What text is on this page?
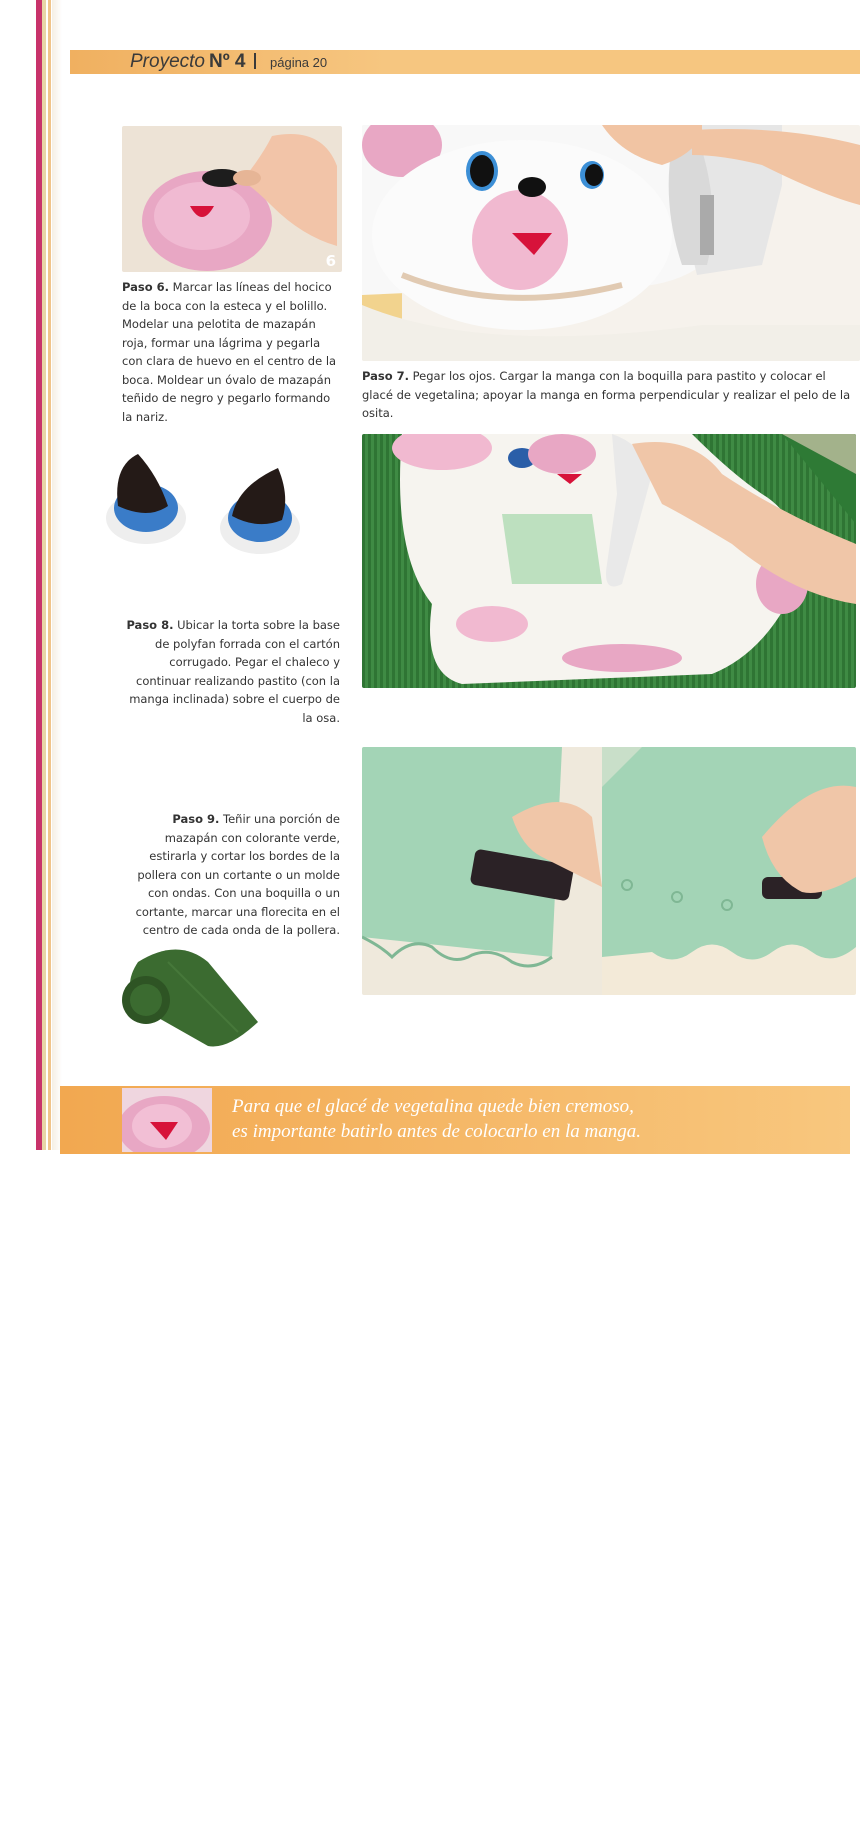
Proyecto Nº 4 página 20
6
Paso 6. Marcar las líneas del hocico de la boca con la esteca y el bolillo. Modelar una pelotita de mazapán roja, formar una lágrima y pegarla con clara de huevo en el centro de la boca. Moldear un óvalo de mazapán teñido de negro y pegarlo formando la nariz.
Paso 7. Pegar los ojos. Cargar la manga con la boquilla para pastito y colocar el glacé de vegetalina; apoyar la manga en forma perpendicular y realizar el pelo de la osita.
Paso 8. Ubicar la torta sobre la base de polyfan forrada con el cartón corrugado. Pegar el chaleco y continuar realizando pastito (con la manga inclinada) sobre el cuerpo de la osa.
Paso 9. Teñir una porción de mazapán con colorante verde, estirarla y cortar los bordes de la pollera con un cortante o un molde con ondas. Con una boquilla o un cortante, marcar una florecita en el centro de cada onda de la pollera.
Para que el glacé de vegetalina quede bien cremoso,
es importante batirlo antes de colocarlo en la manga.
